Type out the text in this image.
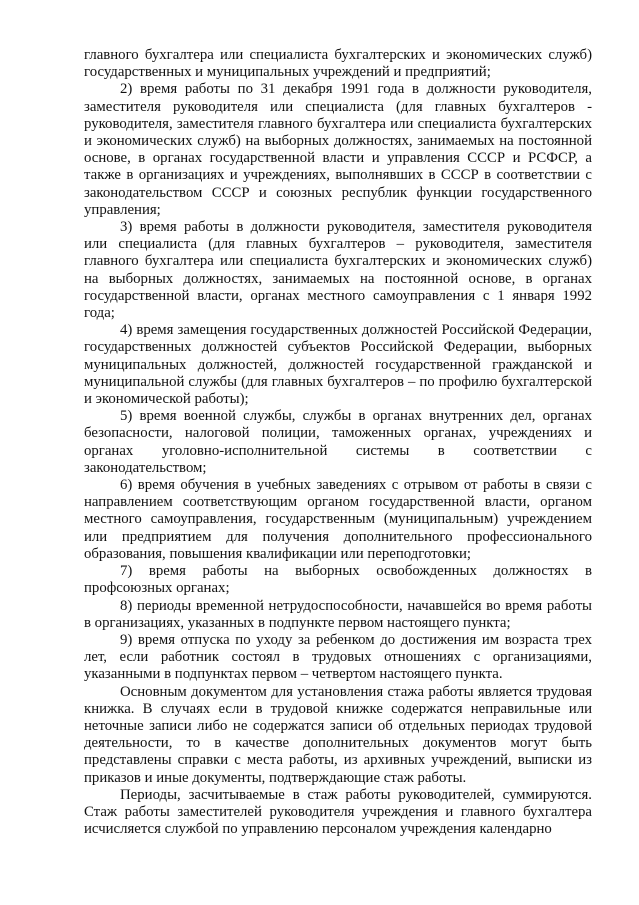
главного бухгалтера или специалиста бухгалтерских и экономических служб) государственных и муниципальных учреждений и предприятий;

2) время работы по 31 декабря 1991 года в должности руководителя, заместителя руководителя или специалиста (для главных бухгалтеров - руководителя, заместителя главного бухгалтера или специалиста бухгалтерских и экономических служб) на выборных должностях, занимаемых на постоянной основе, в органах государственной власти и управления СССР и РСФСР, а также в организациях и учреждениях, выполнявших в СССР в соответствии с законодательством СССР и союзных республик функции государственного управления;

3) время работы в должности руководителя, заместителя руководителя или специалиста (для главных бухгалтеров – руководителя, заместителя главного бухгалтера или специалиста бухгалтерских и экономических служб) на выборных должностях, занимаемых на постоянной основе, в органах государственной власти, органах местного самоуправления с 1 января 1992 года;

4) время замещения государственных должностей Российской Федерации, государственных должностей субъектов Российской Федерации, выборных муниципальных должностей, должностей государственной гражданской и муниципальной службы (для главных бухгалтеров – по профилю бухгалтерской и экономической работы);

5) время военной службы, службы в органах внутренних дел, органах безопасности, налоговой полиции, таможенных органах, учреждениях и органах уголовно-исполнительной системы в соответствии с законодательством;

6) время обучения в учебных заведениях с отрывом от работы в связи с направлением соответствующим органом государственной власти, органом местного самоуправления, государственным (муниципальным) учреждением или предприятием для получения дополнительного профессионального образования, повышения квалификации или переподготовки;

7) время работы на выборных освобожденных должностях в профсоюзных органах;

8) периоды временной нетрудоспособности, начавшейся во время работы в организациях, указанных в подпункте первом настоящего пункта;

9) время отпуска по уходу за ребенком до достижения им возраста трех лет, если работник состоял в трудовых отношениях с организациями, указанными в подпунктах первом – четвертом настоящего пункта.

Основным документом для установления стажа работы является трудовая книжка. В случаях если в трудовой книжке содержатся неправильные или неточные записи либо не содержатся записи об отдельных периодах трудовой деятельности, то в качестве дополнительных документов могут быть представлены справки с места работы, из архивных учреждений, выписки из приказов и иные документы, подтверждающие стаж работы.

Периоды, засчитываемые в стаж работы руководителей, суммируются. Стаж работы заместителей руководителя учреждения и главного бухгалтера исчисляется службой по управлению персоналом учреждения календарно
